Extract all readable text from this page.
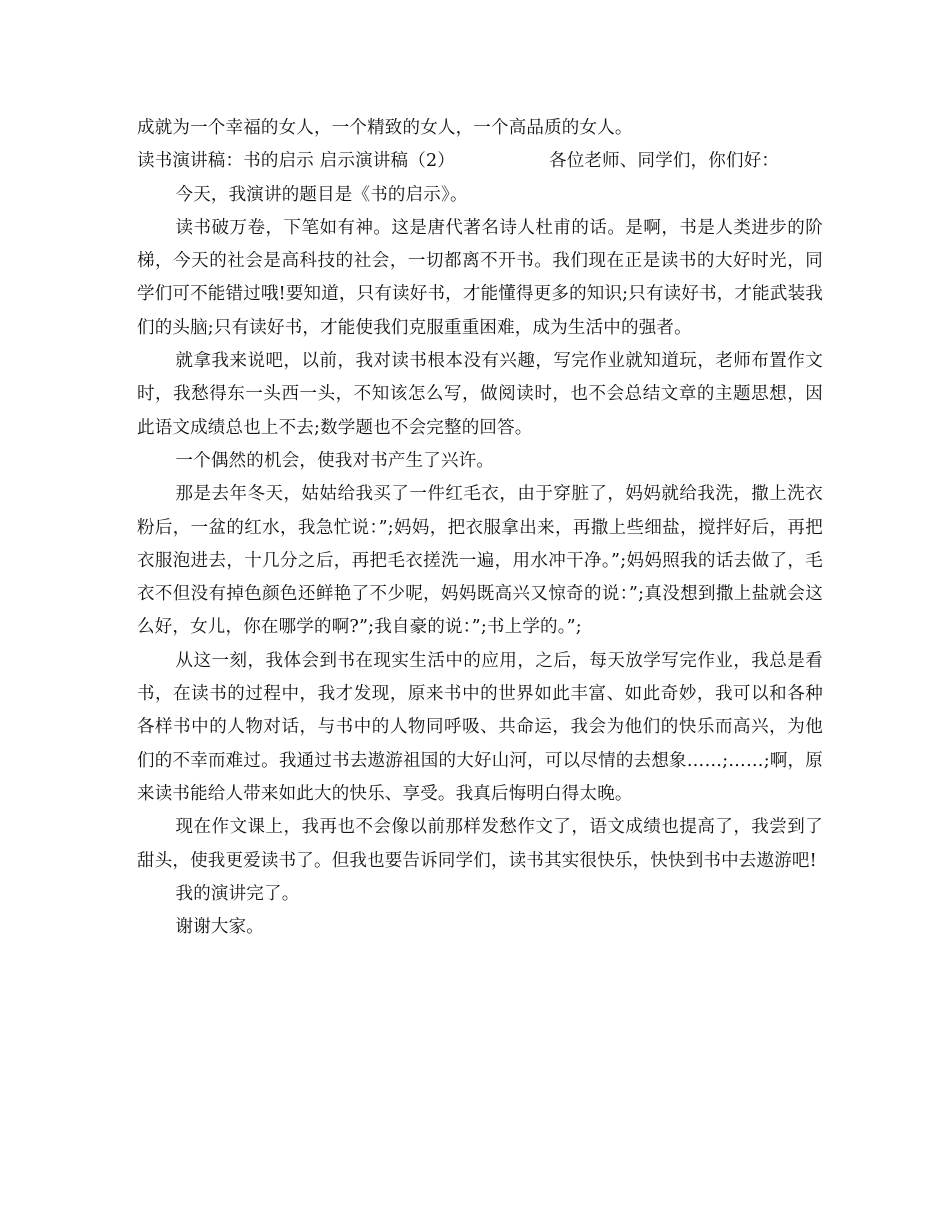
成就为一个幸福的女人，一个精致的女人，一个高品质的女人。

读书演讲稿：书的启示 启示演讲稿（2）	各位老师、同学们，你们好：

今天，我演讲的题目是《书的启示》。

读书破万卷，下笔如有神。这是唐代著名诗人杜甫的话。是啊，书是人类进步的阶梯，今天的社会是高科技的社会，一切都离不开书。我们现在正是读书的大好时光，同学们可不能错过哦!要知道，只有读好书，才能懂得更多的知识;只有读好书，才能武装我们的头脑;只有读好书，才能使我们克服重重困难，成为生活中的强者。

就拿我来说吧，以前，我对读书根本没有兴趣，写完作业就知道玩，老师布置作文时，我愁得东一头西一头，不知该怎么写，做阅读时，也不会总结文章的主题思想，因此语文成绩总也上不去;数学题也不会完整的回答。

一个偶然的机会，使我对书产生了兴许。

那是去年冬天，姑姑给我买了一件红毛衣，由于穿脏了，妈妈就给我洗，撒上洗衣粉后，一盆的红水，我急忙说：”;妈妈，把衣服拿出来，再撒上些细盐，搅拌好后，再把衣服泡进去，十几分之后，再把毛衣搓洗一遍，用水冲干净。”;妈妈照我的话去做了，毛衣不但没有掉色颜色还鲜艳了不少呢，妈妈既高兴又惊奇的说：”;真没想到撒上盐就会这么好，女儿，你在哪学的啊?”;我自豪的说：”;书上学的。”;

从这一刻，我体会到书在现实生活中的应用，之后，每天放学写完作业，我总是看书，在读书的过程中，我才发现，原来书中的世界如此丰富、如此奇妙，我可以和各种各样书中的人物对话，与书中的人物同呼吸、共命运，我会为他们的快乐而高兴，为他们的不幸而难过。我通过书去遨游祖国的大好山河，可以尽情的去想象……;……;啊，原来读书能给人带来如此大的快乐、享受。我真后悔明白得太晚。

现在作文课上，我再也不会像以前那样发愁作文了，语文成绩也提高了，我尝到了甜头，使我更爱读书了。但我也要告诉同学们，读书其实很快乐，快快到书中去遨游吧!

我的演讲完了。

谢谢大家。
